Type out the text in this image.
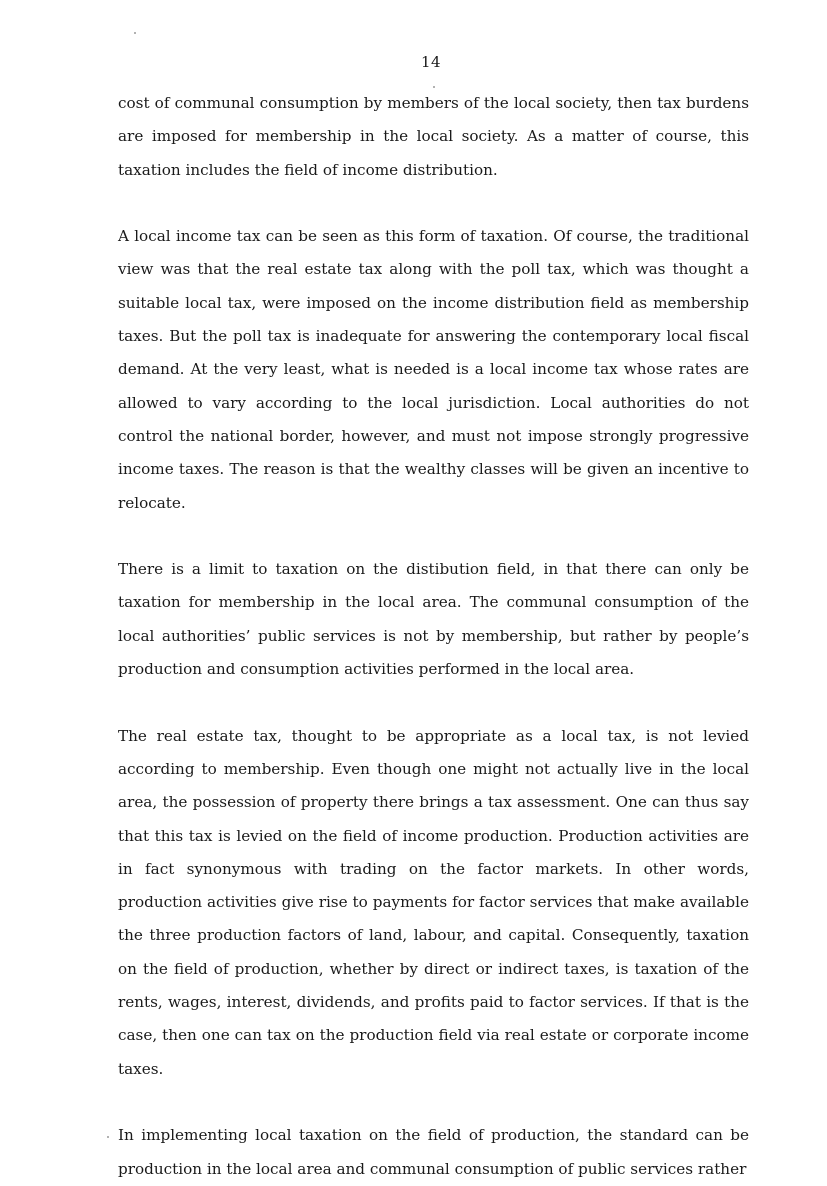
14

cost of communal consumption by members of the local society, then tax burdens are imposed for membership in the local society. As a matter of course, this taxation includes the field of income distribution.

A local income tax can be seen as this form of taxation. Of course, the traditional view was that the real estate tax along with the poll tax, which was thought a suitable local tax, were imposed on the income distribution field as membership taxes. But the poll tax is inadequate for answering the contemporary local fiscal demand. At the very least, what is needed is a local income tax whose rates are allowed to vary according to the local jurisdiction. Local authorities do not control the national border, however, and must not impose strongly progressive income taxes. The reason is that the wealthy classes will be given an incentive to relocate.

There is a limit to taxation on the distibution field, in that there can only be taxation for membership in the local area. The communal consumption of the local authorities’ public services is not by membership, but rather by people’s production and consumption activities performed in the local area.

The real estate tax, thought to be appropriate as a local tax, is not levied according to membership. Even though one might not actually live in the local area, the possession of property there brings a tax assessment. One can thus say that this tax is levied on the field of income production. Production activities are in fact synonymous with trading on the factor markets. In other words, production activities give rise to payments for factor services that make available the three production factors of land, labour, and capital. Consequently, taxation on the field of production, whether by direct or indirect taxes, is taxation of the rents, wages, interest, dividends, and profits paid to factor services. If that is the case, then one can tax on the production field via real estate or corporate income taxes.

In implementing local taxation on the field of production, the standard can be production in the local area and communal consumption of public services rather
